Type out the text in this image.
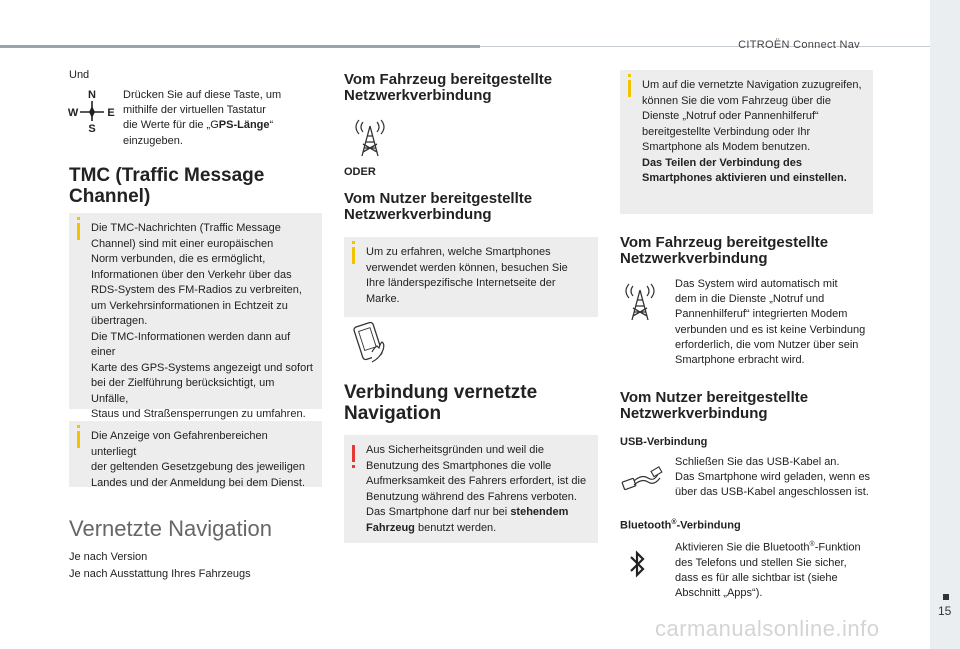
CITROËN Connect Nav
15
carmanualsonline.info

Und

N
W	E
S

Drücken Sie auf diese Taste, um

mithilfe der virtuellen Tastatur

die Werte für die „GPS-Länge“

einzugeben.

TMC (Traffic Message
Channel)

Die TMC-Nachrichten (Traffic Message
Channel) sind mit einer europäischen
Norm verbunden, die es ermöglicht,
Informationen über den Verkehr über das
RDS-System des FM-Radios zu verbreiten,
um Verkehrsinformationen in Echtzeit zu
übertragen.
Die TMC-Informationen werden dann auf einer
Karte des GPS-Systems angezeigt und sofort
bei der Zielführung berücksichtigt, um Unfälle,
Staus und Straßensperrungen zu umfahren.

Die Anzeige von Gefahrenbereichen unterliegt
der geltenden Gesetzgebung des jeweiligen
Landes und der Anmeldung bei dem Dienst.

Vernetzte Navigation

Je nach Version

Je nach Ausstattung Ihres Fahrzeugs

Vom Fahrzeug bereitgestellte
Netzwerkverbindung

ODER

Vom Nutzer bereitgestellte
Netzwerkverbindung

Um zu erfahren, welche Smartphones
verwendet werden können, besuchen Sie
Ihre länderspezifische Internetseite der
Marke.

Verbindung vernetzte
Navigation

Aus Sicherheitsgründen und weil die
Benutzung des Smartphones die volle
Aufmerksamkeit des Fahrers erfordert, ist die
Benutzung während des Fahrens verboten.
Das Smartphone darf nur bei stehendem
Fahrzeug benutzt werden.

Um auf die vernetzte Navigation zuzugreifen,
können Sie die vom Fahrzeug über die
Dienste „Notruf oder Pannenhilferuf“
bereitgestellte Verbindung oder Ihr
Smartphone als Modem benutzen.
Das Teilen der Verbindung des
Smartphones aktivieren und einstellen.

Vom Fahrzeug bereitgestellte
Netzwerkverbindung

Das System wird automatisch mit

dem in die Dienste „Notruf und

Pannenhilferuf“ integrierten Modem

verbunden und es ist keine Verbindung

erforderlich, die vom Nutzer über sein

Smartphone erbracht wird.

Vom Nutzer bereitgestellte
Netzwerkverbindung

USB-Verbindung

Schließen Sie das USB-Kabel an.

Das Smartphone wird geladen, wenn es

über das USB-Kabel angeschlossen ist.

Bluetooth®-Verbindung

Aktivieren Sie die Bluetooth®-Funktion

des Telefons und stellen Sie sicher,

dass es für alle sichtbar ist (siehe

Abschnitt „Apps“).
